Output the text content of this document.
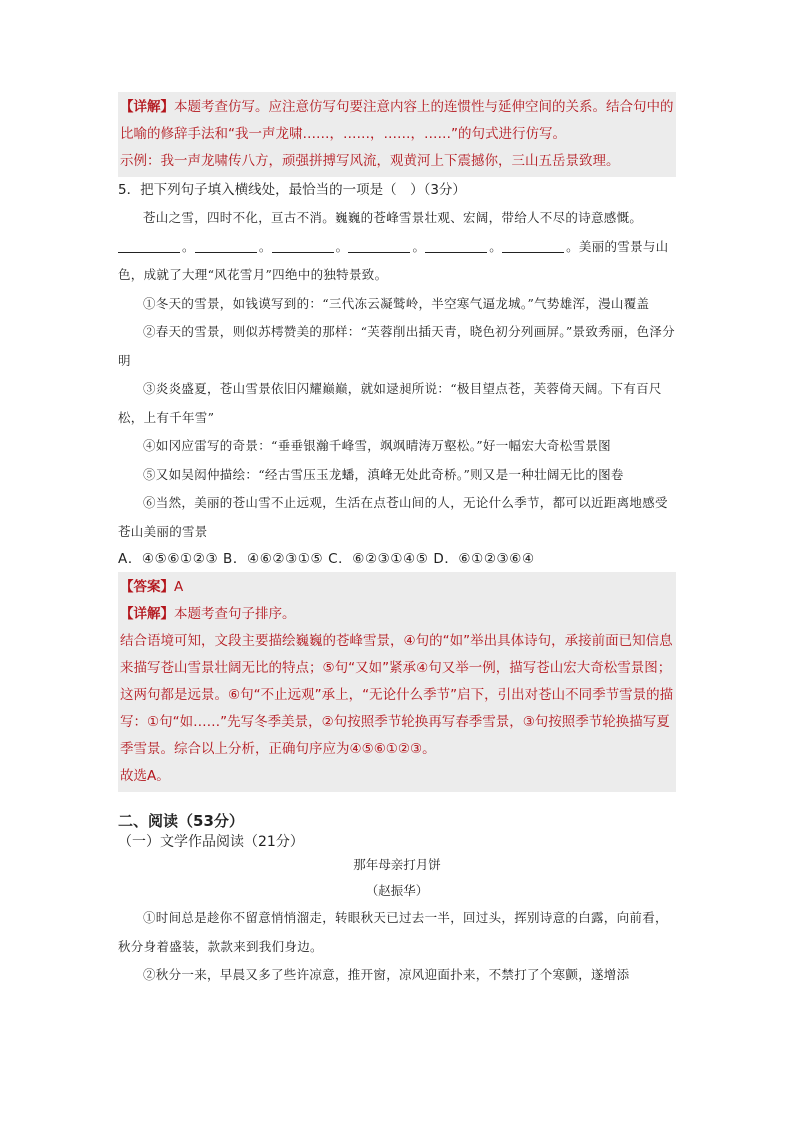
【详解】本题考查仿写。应注意仿写句要注意内容上的连惯性与延伸空间的关系。结合句中的比喻的修辞手法和“我一声龙啸……，……，……，……”的句式进行仿写。

示例：我一声龙啸传八方，顽强拼搏写风流，观黄河上下震撼你，三山五岳景致理。

5．把下列句子填入横线处，最恰当的一项是（　）（3分）

苍山之雪，四时不化，亘古不消。巍巍的苍峰雪景壮观、宏阔，带给人不尽的诗意感慨。。	。	。	。	。	。美丽的雪景与山色，成就了大理“风花雪月”四绝中的独特景致。

①冬天的雪景，如钱谟写到的：“三代冻云凝鹫岭，半空寒气逼龙城。”气势雄浑，漫山覆盖

②春天的雪景，则似苏樗赞美的那样：“芙蓉削出插天青，晓色初分列画屏。”景致秀丽，色泽分明

③炎炎盛夏，苍山雪景依旧闪耀巅巅，就如逯昶所说：“极目望点苍，芙蓉倚天阔。下有百尺松，上有千年雪”

④如冈应雷写的奇景：“垂垂银瀚千峰雪，飒飒晴涛万壑松。”好一幅宏大奇松雪景图

⑤又如吴闳仲描绘：“经古雪压玉龙蟠，滇峰无处此奇桥。”则又是一种壮阔无比的图卷

⑥当然，美丽的苍山雪不止远观，生活在点苍山间的人，无论什么季节，都可以近距离地感受苍山美丽的雪景

A．④⑤⑥①②③ B．④⑥②③①⑤ C．⑥②③①④⑤ D．⑥①②③⑥④

【答案】A

【详解】本题考查句子排序。

结合语境可知，文段主要描绘巍巍的苍峰雪景，④句的“如”举出具体诗句，承接前面已知信息来描写苍山雪景壮阔无比的特点；⑤句“又如”紧承④句又举一例，描写苍山宏大奇松雪景图；这两句都是远景。⑥句“不止远观”承上，“无论什么季节”启下，引出对苍山不同季节雪景的描写：①句“如……”先写冬季美景，②句按照季节轮换再写春季雪景，③句按照季节轮换描写夏季雪景。综合以上分析，正确句序应为④⑤⑥①②③。

故选A。

二、阅读（53分）

（一）文学作品阅读（21分）

那年母亲打月饼

（赵振华）

①时间总是趁你不留意悄悄溜走，转眼秋天已过去一半，回过头，挥别诗意的白露，向前看，秋分身着盛装，款款来到我们身边。

②秋分一来，早晨又多了些许凉意，推开窗，凉风迎面扑来，不禁打了个寒颤，遂增添
